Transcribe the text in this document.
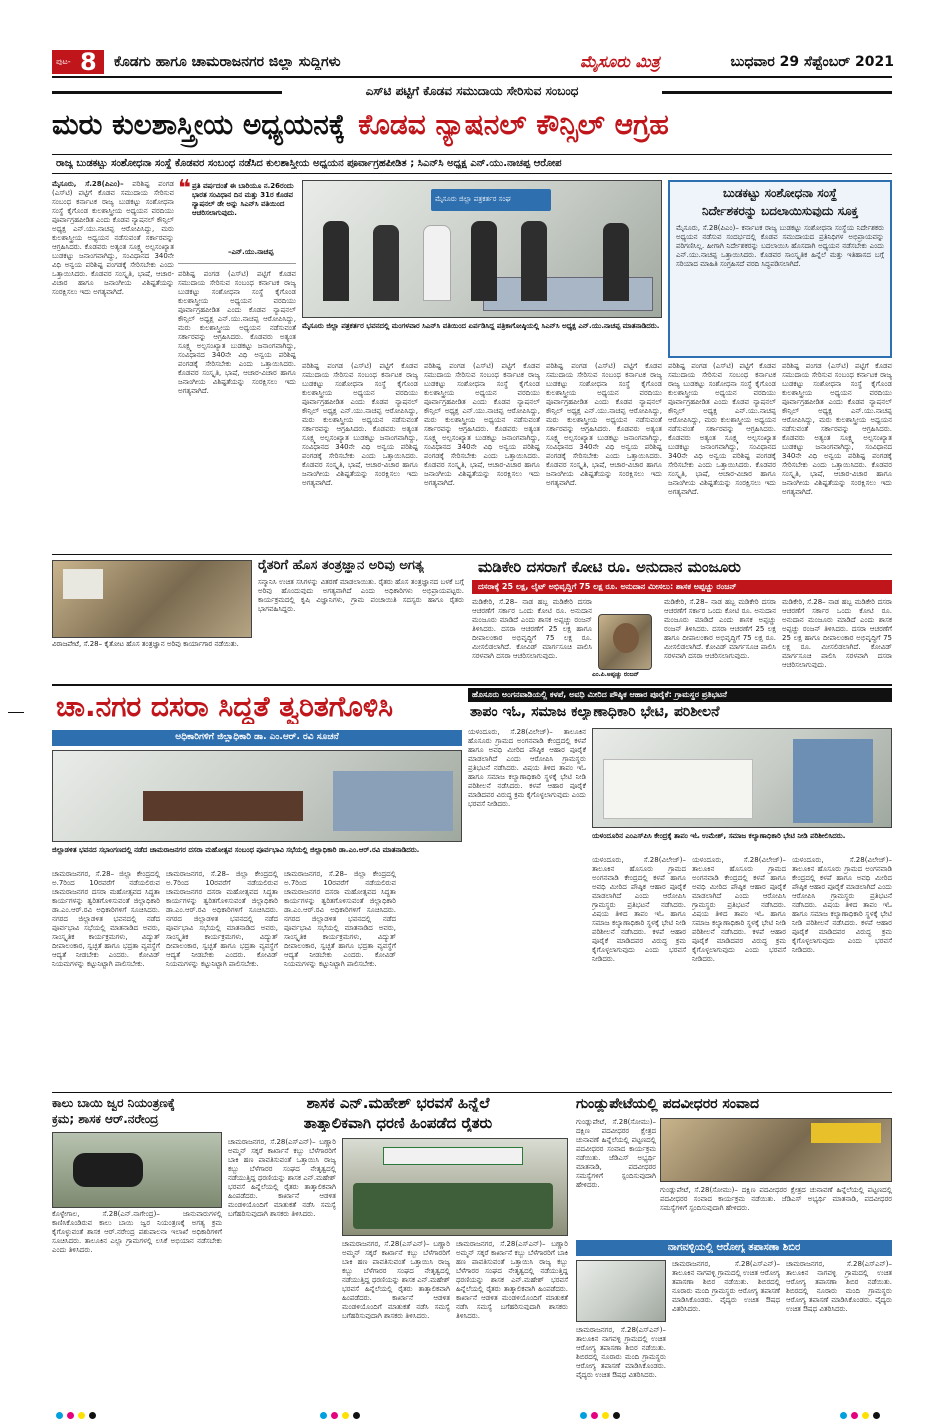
ಪುಟ- 8 ಕೊಡಗು ಹಾಗೂ ಚಾಮರಾಜನಗರ ಜಿಲ್ಲಾ ಸುದ್ದಿಗಳು	ಮೈಸೂರು ಮಿತ್ರ	ಬುಧವಾರ 29 ಸೆಪ್ಟೆಂಬರ್ 2021
ಎಸ್‌ಟಿ ಪಟ್ಟಿಗೆ ಕೊಡವ ಸಮುದಾಯ ಸೇರಿಸುವ ಸಂಬಂಧ
ಮರು ಕುಲಶಾಸ್ತ್ರೀಯ ಅಧ್ಯಯನಕ್ಕೆ ಕೊಡವ ನ್ಯಾಷನಲ್ ಕೌನ್ಸಿಲ್ ಆಗ್ರಹ
ರಾಜ್ಯ ಬುಡಕಟ್ಟು ಸಂಶೋಧನಾ ಸಂಸ್ಥೆ ಕೊಡವರ ಸಂಬಂಧ ನಡೆಸಿದ ಕುಲಶಾಸ್ತ್ರೀಯ ಅಧ್ಯಯನ ಪೂರ್ವಾಗ್ರಹಪೀಡಿತ ; ಸಿಎನ್‌ಸಿ ಅಧ್ಯಕ್ಷ ಎನ್.ಯು.ನಾಚಪ್ಪ ಆರೋಪ
ಮೈಸೂರು, ಸೆ.28(ಪಿಎಂ)– ಪರಿಶಿಷ್ಟ ಪಂಗಡ (ಎಸ್‌ಟಿ) ಪಟ್ಟಿಗೆ ಕೊಡವ ಸಮುದಾಯ ಸೇರಿಸುವ ಸಂಬಂಧ ಕರ್ನಾಟಕ ರಾಜ್ಯ ಬುಡಕಟ್ಟು ಸಂಶೋಧನಾ ಸಂಸ್ಥೆ ಕೈಗೊಂಡ ಕುಲಶಾಸ್ತ್ರೀಯ ಅಧ್ಯಯನ ವರದಿಯು ಪೂರ್ವಾಗ್ರಹಪೀಡಿತ ಎಂದು ಕೊಡವ ನ್ಯಾಷನಲ್ ಕೌನ್ಸಿಲ್ ಅಧ್ಯಕ್ಷ ಎನ್.ಯು.ನಾಚಪ್ಪ ಆರೋಪಿಸಿದ್ದು, ಮರು ಕುಲಶಾಸ್ತ್ರೀಯ ಅಧ್ಯಯನ ನಡೆಸುವಂತೆ ಸರ್ಕಾರವನ್ನು ಆಗ್ರಹಿಸಿದರು. ಕೊಡವರು ಅತ್ಯಂತ ಸೂಕ್ಷ್ಮ ಅಲ್ಪಸಂಖ್ಯಾತ ಬುಡಕಟ್ಟು ಜನಾಂಗವಾಗಿದ್ದು, ಸಂವಿಧಾನದ 340ನೇ ವಿಧಿ ಅನ್ವಯ ಪರಿಶಿಷ್ಟ ಪಂಗಡಕ್ಕೆ ಸೇರಿಸಬೇಕು ಎಂದು ಒತ್ತಾಯಿಸಿದರು. ಕೊಡವರ ಸಂಸ್ಕೃತಿ, ಭಾಷೆ, ಆಚಾರ-ವಿಚಾರ ಹಾಗೂ ಜನಾಂಗೀಯ ವಿಶಿಷ್ಟತೆಯನ್ನು ಸಂರಕ್ಷಿಸಲು ಇದು ಅಗತ್ಯವಾಗಿದೆ.
❝ ಪ್ರತಿ ವರ್ಷದಂತೆ ಈ ಬಾರಿಯೂ ನ.26ರಂದು ಭಾರತ ಸಂವಿಧಾನ ದಿನ ಮತ್ತು 31ರ ಕೊಡವ ನ್ಯಾಷನಲ್ ಡೇ ಅನ್ನು ಸಿಎನ್‌ಸಿ ವತಿಯಿಂದ ಆಚರಿಸಲಾಗುವುದು.
–ಎನ್.ಯು.ನಾಚಪ್ಪ
ಪರಿಶಿಷ್ಟ ಪಂಗಡ (ಎಸ್‌ಟಿ) ಪಟ್ಟಿಗೆ ಕೊಡವ ಸಮುದಾಯ ಸೇರಿಸುವ ಸಂಬಂಧ ಕರ್ನಾಟಕ ರಾಜ್ಯ ಬುಡಕಟ್ಟು ಸಂಶೋಧನಾ ಸಂಸ್ಥೆ ಕೈಗೊಂಡ ಕುಲಶಾಸ್ತ್ರೀಯ ಅಧ್ಯಯನ ವರದಿಯು ಪೂರ್ವಾಗ್ರಹಪೀಡಿತ ಎಂದು ಕೊಡವ ನ್ಯಾಷನಲ್ ಕೌನ್ಸಿಲ್ ಅಧ್ಯಕ್ಷ ಎನ್.ಯು.ನಾಚಪ್ಪ ಆರೋಪಿಸಿದ್ದು, ಮರು ಕುಲಶಾಸ್ತ್ರೀಯ ಅಧ್ಯಯನ ನಡೆಸುವಂತೆ ಸರ್ಕಾರವನ್ನು ಆಗ್ರಹಿಸಿದರು. ಕೊಡವರು ಅತ್ಯಂತ ಸೂಕ್ಷ್ಮ ಅಲ್ಪಸಂಖ್ಯಾತ ಬುಡಕಟ್ಟು ಜನಾಂಗವಾಗಿದ್ದು, ಸಂವಿಧಾನದ 340ನೇ ವಿಧಿ ಅನ್ವಯ ಪರಿಶಿಷ್ಟ ಪಂಗಡಕ್ಕೆ ಸೇರಿಸಬೇಕು ಎಂದು ಒತ್ತಾಯಿಸಿದರು. ಕೊಡವರ ಸಂಸ್ಕೃತಿ, ಭಾಷೆ, ಆಚಾರ-ವಿಚಾರ ಹಾಗೂ ಜನಾಂಗೀಯ ವಿಶಿಷ್ಟತೆಯನ್ನು ಸಂರಕ್ಷಿಸಲು ಇದು ಅಗತ್ಯವಾಗಿದೆ.
ಮೈಸೂರು ಜಿಲ್ಲಾ ಪತ್ರಕರ್ತರ ಸಂಘ
ಮೈಸೂರು ಜಿಲ್ಲಾ ಪತ್ರಕರ್ತರ ಭವನದಲ್ಲಿ ಮಂಗಳವಾರ ಸಿಎನ್‌ಸಿ ವತಿಯಿಂದ ಏರ್ಪಡಿಸಿದ್ದ ಪತ್ರಿಕಾಗೋಷ್ಠಿಯಲ್ಲಿ ಸಿಎನ್‌ಸಿ ಅಧ್ಯಕ್ಷ ಎನ್.ಯು.ನಾಚಪ್ಪ ಮಾತನಾಡಿದರು.
ಪರಿಶಿಷ್ಟ ಪಂಗಡ (ಎಸ್‌ಟಿ) ಪಟ್ಟಿಗೆ ಕೊಡವ ಸಮುದಾಯ ಸೇರಿಸುವ ಸಂಬಂಧ ಕರ್ನಾಟಕ ರಾಜ್ಯ ಬುಡಕಟ್ಟು ಸಂಶೋಧನಾ ಸಂಸ್ಥೆ ಕೈಗೊಂಡ ಕುಲಶಾಸ್ತ್ರೀಯ ಅಧ್ಯಯನ ವರದಿಯು ಪೂರ್ವಾಗ್ರಹಪೀಡಿತ ಎಂದು ಕೊಡವ ನ್ಯಾಷನಲ್ ಕೌನ್ಸಿಲ್ ಅಧ್ಯಕ್ಷ ಎನ್.ಯು.ನಾಚಪ್ಪ ಆರೋಪಿಸಿದ್ದು, ಮರು ಕುಲಶಾಸ್ತ್ರೀಯ ಅಧ್ಯಯನ ನಡೆಸುವಂತೆ ಸರ್ಕಾರವನ್ನು ಆಗ್ರಹಿಸಿದರು. ಕೊಡವರು ಅತ್ಯಂತ ಸೂಕ್ಷ್ಮ ಅಲ್ಪಸಂಖ್ಯಾತ ಬುಡಕಟ್ಟು ಜನಾಂಗವಾಗಿದ್ದು, ಸಂವಿಧಾನದ 340ನೇ ವಿಧಿ ಅನ್ವಯ ಪರಿಶಿಷ್ಟ ಪಂಗಡಕ್ಕೆ ಸೇರಿಸಬೇಕು ಎಂದು ಒತ್ತಾಯಿಸಿದರು. ಕೊಡವರ ಸಂಸ್ಕೃತಿ, ಭಾಷೆ, ಆಚಾರ-ವಿಚಾರ ಹಾಗೂ ಜನಾಂಗೀಯ ವಿಶಿಷ್ಟತೆಯನ್ನು ಸಂರಕ್ಷಿಸಲು ಇದು ಅಗತ್ಯವಾಗಿದೆ.
ಪರಿಶಿಷ್ಟ ಪಂಗಡ (ಎಸ್‌ಟಿ) ಪಟ್ಟಿಗೆ ಕೊಡವ ಸಮುದಾಯ ಸೇರಿಸುವ ಸಂಬಂಧ ಕರ್ನಾಟಕ ರಾಜ್ಯ ಬುಡಕಟ್ಟು ಸಂಶೋಧನಾ ಸಂಸ್ಥೆ ಕೈಗೊಂಡ ಕುಲಶಾಸ್ತ್ರೀಯ ಅಧ್ಯಯನ ವರದಿಯು ಪೂರ್ವಾಗ್ರಹಪೀಡಿತ ಎಂದು ಕೊಡವ ನ್ಯಾಷನಲ್ ಕೌನ್ಸಿಲ್ ಅಧ್ಯಕ್ಷ ಎನ್.ಯು.ನಾಚಪ್ಪ ಆರೋಪಿಸಿದ್ದು, ಮರು ಕುಲಶಾಸ್ತ್ರೀಯ ಅಧ್ಯಯನ ನಡೆಸುವಂತೆ ಸರ್ಕಾರವನ್ನು ಆಗ್ರಹಿಸಿದರು. ಕೊಡವರು ಅತ್ಯಂತ ಸೂಕ್ಷ್ಮ ಅಲ್ಪಸಂಖ್ಯಾತ ಬುಡಕಟ್ಟು ಜನಾಂಗವಾಗಿದ್ದು, ಸಂವಿಧಾನದ 340ನೇ ವಿಧಿ ಅನ್ವಯ ಪರಿಶಿಷ್ಟ ಪಂಗಡಕ್ಕೆ ಸೇರಿಸಬೇಕು ಎಂದು ಒತ್ತಾಯಿಸಿದರು. ಕೊಡವರ ಸಂಸ್ಕೃತಿ, ಭಾಷೆ, ಆಚಾರ-ವಿಚಾರ ಹಾಗೂ ಜನಾಂಗೀಯ ವಿಶಿಷ್ಟತೆಯನ್ನು ಸಂರಕ್ಷಿಸಲು ಇದು ಅಗತ್ಯವಾಗಿದೆ.
ಪರಿಶಿಷ್ಟ ಪಂಗಡ (ಎಸ್‌ಟಿ) ಪಟ್ಟಿಗೆ ಕೊಡವ ಸಮುದಾಯ ಸೇರಿಸುವ ಸಂಬಂಧ ಕರ್ನಾಟಕ ರಾಜ್ಯ ಬುಡಕಟ್ಟು ಸಂಶೋಧನಾ ಸಂಸ್ಥೆ ಕೈಗೊಂಡ ಕುಲಶಾಸ್ತ್ರೀಯ ಅಧ್ಯಯನ ವರದಿಯು ಪೂರ್ವಾಗ್ರಹಪೀಡಿತ ಎಂದು ಕೊಡವ ನ್ಯಾಷನಲ್ ಕೌನ್ಸಿಲ್ ಅಧ್ಯಕ್ಷ ಎನ್.ಯು.ನಾಚಪ್ಪ ಆರೋಪಿಸಿದ್ದು, ಮರು ಕುಲಶಾಸ್ತ್ರೀಯ ಅಧ್ಯಯನ ನಡೆಸುವಂತೆ ಸರ್ಕಾರವನ್ನು ಆಗ್ರಹಿಸಿದರು. ಕೊಡವರು ಅತ್ಯಂತ ಸೂಕ್ಷ್ಮ ಅಲ್ಪಸಂಖ್ಯಾತ ಬುಡಕಟ್ಟು ಜನಾಂಗವಾಗಿದ್ದು, ಸಂವಿಧಾನದ 340ನೇ ವಿಧಿ ಅನ್ವಯ ಪರಿಶಿಷ್ಟ ಪಂಗಡಕ್ಕೆ ಸೇರಿಸಬೇಕು ಎಂದು ಒತ್ತಾಯಿಸಿದರು. ಕೊಡವರ ಸಂಸ್ಕೃತಿ, ಭಾಷೆ, ಆಚಾರ-ವಿಚಾರ ಹಾಗೂ ಜನಾಂಗೀಯ ವಿಶಿಷ್ಟತೆಯನ್ನು ಸಂರಕ್ಷಿಸಲು ಇದು ಅಗತ್ಯವಾಗಿದೆ.
ಬುಡಕಟ್ಟು ಸಂಶೋಧನಾ ಸಂಸ್ಥೆ
ನಿರ್ದೇಶಕರನ್ನು ಬದಲಾಯಿಸುವುದು ಸೂಕ್ತ
ಮೈಸೂರು, ಸೆ.28(ಪಿಎಂ)– ಕರ್ನಾಟಕ ರಾಜ್ಯ ಬುಡಕಟ್ಟು ಸಂಶೋಧನಾ ಸಂಸ್ಥೆಯ ನಿರ್ದೇಶಕರು ಅಧ್ಯಯನ ನಡೆಸುವ ಸಂದರ್ಭದಲ್ಲಿ ಕೊಡವ ಸಮುದಾಯದ ಪ್ರತಿನಿಧಿಗಳ ಅಭಿಪ್ರಾಯವನ್ನು ಪರಿಗಣಿಸಿಲ್ಲ. ಹೀಗಾಗಿ ನಿರ್ದೇಶಕರನ್ನು ಬದಲಾಯಿಸಿ ಹೊಸದಾಗಿ ಅಧ್ಯಯನ ನಡೆಸಬೇಕು ಎಂದು ಎನ್.ಯು.ನಾಚಪ್ಪ ಒತ್ತಾಯಿಸಿದರು. ಕೊಡವರ ಸಾಂಸ್ಕೃತಿಕ ಹಿನ್ನೆಲೆ ಮತ್ತು ಇತಿಹಾಸದ ಬಗ್ಗೆ ಸರಿಯಾದ ಮಾಹಿತಿ ಸಂಗ್ರಹಿಸದೆ ವರದಿ ಸಿದ್ಧಪಡಿಸಲಾಗಿದೆ.
ಪರಿಶಿಷ್ಟ ಪಂಗಡ (ಎಸ್‌ಟಿ) ಪಟ್ಟಿಗೆ ಕೊಡವ ಸಮುದಾಯ ಸೇರಿಸುವ ಸಂಬಂಧ ಕರ್ನಾಟಕ ರಾಜ್ಯ ಬುಡಕಟ್ಟು ಸಂಶೋಧನಾ ಸಂಸ್ಥೆ ಕೈಗೊಂಡ ಕುಲಶಾಸ್ತ್ರೀಯ ಅಧ್ಯಯನ ವರದಿಯು ಪೂರ್ವಾಗ್ರಹಪೀಡಿತ ಎಂದು ಕೊಡವ ನ್ಯಾಷನಲ್ ಕೌನ್ಸಿಲ್ ಅಧ್ಯಕ್ಷ ಎನ್.ಯು.ನಾಚಪ್ಪ ಆರೋಪಿಸಿದ್ದು, ಮರು ಕುಲಶಾಸ್ತ್ರೀಯ ಅಧ್ಯಯನ ನಡೆಸುವಂತೆ ಸರ್ಕಾರವನ್ನು ಆಗ್ರಹಿಸಿದರು. ಕೊಡವರು ಅತ್ಯಂತ ಸೂಕ್ಷ್ಮ ಅಲ್ಪಸಂಖ್ಯಾತ ಬುಡಕಟ್ಟು ಜನಾಂಗವಾಗಿದ್ದು, ಸಂವಿಧಾನದ 340ನೇ ವಿಧಿ ಅನ್ವಯ ಪರಿಶಿಷ್ಟ ಪಂಗಡಕ್ಕೆ ಸೇರಿಸಬೇಕು ಎಂದು ಒತ್ತಾಯಿಸಿದರು. ಕೊಡವರ ಸಂಸ್ಕೃತಿ, ಭಾಷೆ, ಆಚಾರ-ವಿಚಾರ ಹಾಗೂ ಜನಾಂಗೀಯ ವಿಶಿಷ್ಟತೆಯನ್ನು ಸಂರಕ್ಷಿಸಲು ಇದು ಅಗತ್ಯವಾಗಿದೆ.
ಪರಿಶಿಷ್ಟ ಪಂಗಡ (ಎಸ್‌ಟಿ) ಪಟ್ಟಿಗೆ ಕೊಡವ ಸಮುದಾಯ ಸೇರಿಸುವ ಸಂಬಂಧ ಕರ್ನಾಟಕ ರಾಜ್ಯ ಬುಡಕಟ್ಟು ಸಂಶೋಧನಾ ಸಂಸ್ಥೆ ಕೈಗೊಂಡ ಕುಲಶಾಸ್ತ್ರೀಯ ಅಧ್ಯಯನ ವರದಿಯು ಪೂರ್ವಾಗ್ರಹಪೀಡಿತ ಎಂದು ಕೊಡವ ನ್ಯಾಷನಲ್ ಕೌನ್ಸಿಲ್ ಅಧ್ಯಕ್ಷ ಎನ್.ಯು.ನಾಚಪ್ಪ ಆರೋಪಿಸಿದ್ದು, ಮರು ಕುಲಶಾಸ್ತ್ರೀಯ ಅಧ್ಯಯನ ನಡೆಸುವಂತೆ ಸರ್ಕಾರವನ್ನು ಆಗ್ರಹಿಸಿದರು. ಕೊಡವರು ಅತ್ಯಂತ ಸೂಕ್ಷ್ಮ ಅಲ್ಪಸಂಖ್ಯಾತ ಬುಡಕಟ್ಟು ಜನಾಂಗವಾಗಿದ್ದು, ಸಂವಿಧಾನದ 340ನೇ ವಿಧಿ ಅನ್ವಯ ಪರಿಶಿಷ್ಟ ಪಂಗಡಕ್ಕೆ ಸೇರಿಸಬೇಕು ಎಂದು ಒತ್ತಾಯಿಸಿದರು. ಕೊಡವರ ಸಂಸ್ಕೃತಿ, ಭಾಷೆ, ಆಚಾರ-ವಿಚಾರ ಹಾಗೂ ಜನಾಂಗೀಯ ವಿಶಿಷ್ಟತೆಯನ್ನು ಸಂರಕ್ಷಿಸಲು ಇದು ಅಗತ್ಯವಾಗಿದೆ.
ವಿರಾಜಪೇಟೆ, ಸೆ.28– ಕೈತೋಟ ಹೊಸ ತಂತ್ರಜ್ಞಾನ ಅರಿವು ಕಾರ್ಯಾಗಾರ ನಡೆಯಿತು.
ರೈತರಿಗೆ ಹೊಸ ತಂತ್ರಜ್ಞಾನ ಅರಿವು ಅಗತ್ಯ
ಸನ್ಮಾನಿಸಿ ಉಚಿತ ಸಸಿಗಳನ್ನು ವಿತರಣೆ ಮಾಡಲಾಯಿತು. ರೈತರು ಹೊಸ ತಂತ್ರಜ್ಞಾನದ ಬಳಕೆ ಬಗ್ಗೆ ಅರಿವು ಹೊಂದುವುದು ಅಗತ್ಯವಾಗಿದೆ ಎಂದು ಅಧಿಕಾರಿಗಳು ಅಭಿಪ್ರಾಯಪಟ್ಟರು. ಕಾರ್ಯಕ್ರಮದಲ್ಲಿ ಕೃಷಿ ವಿಜ್ಞಾನಿಗಳು, ಗ್ರಾಮ ಪಂಚಾಯಿತಿ ಸದಸ್ಯರು ಹಾಗೂ ರೈತರು ಭಾಗವಹಿಸಿದ್ದರು.
ಮಡಿಕೇರಿ ದಸರಾಗೆ ಕೋಟಿ ರೂ. ಅನುದಾನ ಮಂಜೂರು
ದಸರಾಕ್ಕೆ 25 ಲಕ್ಷ, ಲೈಟ್ ಅಭಿವೃದ್ಧಿಗೆ 75 ಲಕ್ಷ ರೂ. ಅನುದಾನ ಮೀಸಲು: ಶಾಸಕ ಅಪ್ಪಚ್ಚು ರಂಜನ್
ಮಡಿಕೇರಿ, ಸೆ.28– ನಾಡ ಹಬ್ಬ ಮಡಿಕೇರಿ ದಸರಾ ಆಚರಣೆಗೆ ಸರ್ಕಾರ ಒಂದು ಕೋಟಿ ರೂ. ಅನುದಾನ ಮಂಜೂರು ಮಾಡಿದೆ ಎಂದು ಶಾಸಕ ಅಪ್ಪಚ್ಚು ರಂಜನ್ ತಿಳಿಸಿದರು. ದಸರಾ ಆಚರಣೆಗೆ 25 ಲಕ್ಷ ಹಾಗೂ ದೀಪಾಲಂಕಾರ ಅಭಿವೃದ್ಧಿಗೆ 75 ಲಕ್ಷ ರೂ. ಮೀಸಲಿಡಲಾಗಿದೆ. ಕೋವಿಡ್ ಮಾರ್ಗಸೂಚಿ ಪಾಲಿಸಿ ಸರಳವಾಗಿ ದಸರಾ ಆಚರಿಸಲಾಗುವುದು.
ಎಂ.ಪಿ.ಅಪ್ಪಚ್ಚು ರಂಜನ್
ಮಡಿಕೇರಿ, ಸೆ.28– ನಾಡ ಹಬ್ಬ ಮಡಿಕೇರಿ ದಸರಾ ಆಚರಣೆಗೆ ಸರ್ಕಾರ ಒಂದು ಕೋಟಿ ರೂ. ಅನುದಾನ ಮಂಜೂರು ಮಾಡಿದೆ ಎಂದು ಶಾಸಕ ಅಪ್ಪಚ್ಚು ರಂಜನ್ ತಿಳಿಸಿದರು. ದಸರಾ ಆಚರಣೆಗೆ 25 ಲಕ್ಷ ಹಾಗೂ ದೀಪಾಲಂಕಾರ ಅಭಿವೃದ್ಧಿಗೆ 75 ಲಕ್ಷ ರೂ. ಮೀಸಲಿಡಲಾಗಿದೆ. ಕೋವಿಡ್ ಮಾರ್ಗಸೂಚಿ ಪಾಲಿಸಿ ಸರಳವಾಗಿ ದಸರಾ ಆಚರಿಸಲಾಗುವುದು.
ಮಡಿಕೇರಿ, ಸೆ.28– ನಾಡ ಹಬ್ಬ ಮಡಿಕೇರಿ ದಸರಾ ಆಚರಣೆಗೆ ಸರ್ಕಾರ ಒಂದು ಕೋಟಿ ರೂ. ಅನುದಾನ ಮಂಜೂರು ಮಾಡಿದೆ ಎಂದು ಶಾಸಕ ಅಪ್ಪಚ್ಚು ರಂಜನ್ ತಿಳಿಸಿದರು. ದಸರಾ ಆಚರಣೆಗೆ 25 ಲಕ್ಷ ಹಾಗೂ ದೀಪಾಲಂಕಾರ ಅಭಿವೃದ್ಧಿಗೆ 75 ಲಕ್ಷ ರೂ. ಮೀಸಲಿಡಲಾಗಿದೆ. ಕೋವಿಡ್ ಮಾರ್ಗಸೂಚಿ ಪಾಲಿಸಿ ಸರಳವಾಗಿ ದಸರಾ ಆಚರಿಸಲಾಗುವುದು.
ಚಾ.ನಗರ ದಸರಾ ಸಿದ್ಧತೆ ತ್ವರಿತಗೊಳಿಸಿ
ಅಧಿಕಾರಿಗಳಿಗೆ ಜಿಲ್ಲಾಧಿಕಾರಿ ಡಾ. ಎಂ.ಆರ್. ರವಿ ಸೂಚನೆ
ಜಿಲ್ಲಾಡಳಿತ ಭವನದ ಸಭಾಂಗಣದಲ್ಲಿ ನಡೆದ ಚಾಮರಾಜನಗರ ದಸರಾ ಮಹೋತ್ಸವ ಸಂಬಂಧ ಪೂರ್ವಭಾವಿ ಸಭೆಯಲ್ಲಿ ಜಿಲ್ಲಾಧಿಕಾರಿ ಡಾ.ಎಂ.ಆರ್.ರವಿ ಮಾತನಾಡಿದರು.
ಚಾಮರಾಜನಗರ, ಸೆ.28– ಜಿಲ್ಲಾ ಕೇಂದ್ರದಲ್ಲಿ ಅ.7ರಿಂದ 10ರವರೆಗೆ ನಡೆಯಲಿರುವ ಚಾಮರಾಜನಗರ ದಸರಾ ಮಹೋತ್ಸವದ ಸಿದ್ಧತಾ ಕಾರ್ಯಗಳನ್ನು ತ್ವರಿತಗೊಳಿಸುವಂತೆ ಜಿಲ್ಲಾಧಿಕಾರಿ ಡಾ.ಎಂ.ಆರ್.ರವಿ ಅಧಿಕಾರಿಗಳಿಗೆ ಸೂಚಿಸಿದರು. ನಗರದ ಜಿಲ್ಲಾಡಳಿತ ಭವನದಲ್ಲಿ ನಡೆದ ಪೂರ್ವಭಾವಿ ಸಭೆಯಲ್ಲಿ ಮಾತನಾಡಿದ ಅವರು, ಸಾಂಸ್ಕೃತಿಕ ಕಾರ್ಯಕ್ರಮಗಳು, ವಿದ್ಯುತ್ ದೀಪಾಲಂಕಾರ, ಸ್ವಚ್ಛತೆ ಹಾಗೂ ಭದ್ರತಾ ವ್ಯವಸ್ಥೆಗೆ ಆದ್ಯತೆ ನೀಡಬೇಕು ಎಂದರು. ಕೋವಿಡ್ ನಿಯಮಗಳನ್ನು ಕಟ್ಟುನಿಟ್ಟಾಗಿ ಪಾಲಿಸಬೇಕು.
ಚಾಮರಾಜನಗರ, ಸೆ.28– ಜಿಲ್ಲಾ ಕೇಂದ್ರದಲ್ಲಿ ಅ.7ರಿಂದ 10ರವರೆಗೆ ನಡೆಯಲಿರುವ ಚಾಮರಾಜನಗರ ದಸರಾ ಮಹೋತ್ಸವದ ಸಿದ್ಧತಾ ಕಾರ್ಯಗಳನ್ನು ತ್ವರಿತಗೊಳಿಸುವಂತೆ ಜಿಲ್ಲಾಧಿಕಾರಿ ಡಾ.ಎಂ.ಆರ್.ರವಿ ಅಧಿಕಾರಿಗಳಿಗೆ ಸೂಚಿಸಿದರು. ನಗರದ ಜಿಲ್ಲಾಡಳಿತ ಭವನದಲ್ಲಿ ನಡೆದ ಪೂರ್ವಭಾವಿ ಸಭೆಯಲ್ಲಿ ಮಾತನಾಡಿದ ಅವರು, ಸಾಂಸ್ಕೃತಿಕ ಕಾರ್ಯಕ್ರಮಗಳು, ವಿದ್ಯುತ್ ದೀಪಾಲಂಕಾರ, ಸ್ವಚ್ಛತೆ ಹಾಗೂ ಭದ್ರತಾ ವ್ಯವಸ್ಥೆಗೆ ಆದ್ಯತೆ ನೀಡಬೇಕು ಎಂದರು. ಕೋವಿಡ್ ನಿಯಮಗಳನ್ನು ಕಟ್ಟುನಿಟ್ಟಾಗಿ ಪಾಲಿಸಬೇಕು.
ಚಾಮರಾಜನಗರ, ಸೆ.28– ಜಿಲ್ಲಾ ಕೇಂದ್ರದಲ್ಲಿ ಅ.7ರಿಂದ 10ರವರೆಗೆ ನಡೆಯಲಿರುವ ಚಾಮರಾಜನಗರ ದಸರಾ ಮಹೋತ್ಸವದ ಸಿದ್ಧತಾ ಕಾರ್ಯಗಳನ್ನು ತ್ವರಿತಗೊಳಿಸುವಂತೆ ಜಿಲ್ಲಾಧಿಕಾರಿ ಡಾ.ಎಂ.ಆರ್.ರವಿ ಅಧಿಕಾರಿಗಳಿಗೆ ಸೂಚಿಸಿದರು. ನಗರದ ಜಿಲ್ಲಾಡಳಿತ ಭವನದಲ್ಲಿ ನಡೆದ ಪೂರ್ವಭಾವಿ ಸಭೆಯಲ್ಲಿ ಮಾತನಾಡಿದ ಅವರು, ಸಾಂಸ್ಕೃತಿಕ ಕಾರ್ಯಕ್ರಮಗಳು, ವಿದ್ಯುತ್ ದೀಪಾಲಂಕಾರ, ಸ್ವಚ್ಛತೆ ಹಾಗೂ ಭದ್ರತಾ ವ್ಯವಸ್ಥೆಗೆ ಆದ್ಯತೆ ನೀಡಬೇಕು ಎಂದರು. ಕೋವಿಡ್ ನಿಯಮಗಳನ್ನು ಕಟ್ಟುನಿಟ್ಟಾಗಿ ಪಾಲಿಸಬೇಕು.
ಹೊಸೂರು ಅಂಗನವಾಡಿಯಲ್ಲಿ ಕಳಪೆ, ಅವಧಿ ಮೀರಿದ ಪೌಷ್ಠಿಕ ಆಹಾರ ಪೂರೈಕೆ: ಗ್ರಾಮಸ್ಥರ ಪ್ರತಿಭಟನೆ
ತಾಪಂ ಇಓ, ಸಮಾಜ ಕಲ್ಯಾಣಾಧಿಕಾರಿ ಭೇಟಿ, ಪರಿಶೀಲನೆ
ಯಳಂದೂರು, ಸೆ.28(ವಿಲೇಜ್)– ತಾಲೂಕಿನ ಹೊಸೂರು ಗ್ರಾಮದ ಅಂಗನವಾಡಿ ಕೇಂದ್ರದಲ್ಲಿ ಕಳಪೆ ಹಾಗೂ ಅವಧಿ ಮೀರಿದ ಪೌಷ್ಠಿಕ ಆಹಾರ ಪೂರೈಕೆ ಮಾಡಲಾಗಿದೆ ಎಂದು ಆರೋಪಿಸಿ ಗ್ರಾಮಸ್ಥರು ಪ್ರತಿಭಟನೆ ನಡೆಸಿದರು. ವಿಷಯ ತಿಳಿದ ತಾಪಂ ಇಓ ಹಾಗೂ ಸಮಾಜ ಕಲ್ಯಾಣಾಧಿಕಾರಿ ಸ್ಥಳಕ್ಕೆ ಭೇಟಿ ನೀಡಿ ಪರಿಶೀಲನೆ ನಡೆಸಿದರು. ಕಳಪೆ ಆಹಾರ ಪೂರೈಕೆ ಮಾಡಿದವರ ವಿರುದ್ಧ ಕ್ರಮ ಕೈಗೊಳ್ಳಲಾಗುವುದು ಎಂದು ಭರವಸೆ ನೀಡಿದರು.
ಯಳಂದೂರಿನ ಎಂಎಸ್‌ಪಿಸಿ ಕೇಂದ್ರಕ್ಕೆ ತಾಪಂ ಇಓ ಉಮೇಶ್, ಸಮಾಜ ಕಲ್ಯಾಣಾಧಿಕಾರಿ ಭೇಟಿ ನೀಡಿ ಪರಿಶೀಲಿಸಿದರು.
ಯಳಂದೂರು, ಸೆ.28(ವಿಲೇಜ್)– ತಾಲೂಕಿನ ಹೊಸೂರು ಗ್ರಾಮದ ಅಂಗನವಾಡಿ ಕೇಂದ್ರದಲ್ಲಿ ಕಳಪೆ ಹಾಗೂ ಅವಧಿ ಮೀರಿದ ಪೌಷ್ಠಿಕ ಆಹಾರ ಪೂರೈಕೆ ಮಾಡಲಾಗಿದೆ ಎಂದು ಆರೋಪಿಸಿ ಗ್ರಾಮಸ್ಥರು ಪ್ರತಿಭಟನೆ ನಡೆಸಿದರು. ವಿಷಯ ತಿಳಿದ ತಾಪಂ ಇಓ ಹಾಗೂ ಸಮಾಜ ಕಲ್ಯಾಣಾಧಿಕಾರಿ ಸ್ಥಳಕ್ಕೆ ಭೇಟಿ ನೀಡಿ ಪರಿಶೀಲನೆ ನಡೆಸಿದರು. ಕಳಪೆ ಆಹಾರ ಪೂರೈಕೆ ಮಾಡಿದವರ ವಿರುದ್ಧ ಕ್ರಮ ಕೈಗೊಳ್ಳಲಾಗುವುದು ಎಂದು ಭರವಸೆ ನೀಡಿದರು.
ಯಳಂದೂರು, ಸೆ.28(ವಿಲೇಜ್)– ತಾಲೂಕಿನ ಹೊಸೂರು ಗ್ರಾಮದ ಅಂಗನವಾಡಿ ಕೇಂದ್ರದಲ್ಲಿ ಕಳಪೆ ಹಾಗೂ ಅವಧಿ ಮೀರಿದ ಪೌಷ್ಠಿಕ ಆಹಾರ ಪೂರೈಕೆ ಮಾಡಲಾಗಿದೆ ಎಂದು ಆರೋಪಿಸಿ ಗ್ರಾಮಸ್ಥರು ಪ್ರತಿಭಟನೆ ನಡೆಸಿದರು. ವಿಷಯ ತಿಳಿದ ತಾಪಂ ಇಓ ಹಾಗೂ ಸಮಾಜ ಕಲ್ಯಾಣಾಧಿಕಾರಿ ಸ್ಥಳಕ್ಕೆ ಭೇಟಿ ನೀಡಿ ಪರಿಶೀಲನೆ ನಡೆಸಿದರು. ಕಳಪೆ ಆಹಾರ ಪೂರೈಕೆ ಮಾಡಿದವರ ವಿರುದ್ಧ ಕ್ರಮ ಕೈಗೊಳ್ಳಲಾಗುವುದು ಎಂದು ಭರವಸೆ ನೀಡಿದರು.
ಯಳಂದೂರು, ಸೆ.28(ವಿಲೇಜ್)– ತಾಲೂಕಿನ ಹೊಸೂರು ಗ್ರಾಮದ ಅಂಗನವಾಡಿ ಕೇಂದ್ರದಲ್ಲಿ ಕಳಪೆ ಹಾಗೂ ಅವಧಿ ಮೀರಿದ ಪೌಷ್ಠಿಕ ಆಹಾರ ಪೂರೈಕೆ ಮಾಡಲಾಗಿದೆ ಎಂದು ಆರೋಪಿಸಿ ಗ್ರಾಮಸ್ಥರು ಪ್ರತಿಭಟನೆ ನಡೆಸಿದರು. ವಿಷಯ ತಿಳಿದ ತಾಪಂ ಇಓ ಹಾಗೂ ಸಮಾಜ ಕಲ್ಯಾಣಾಧಿಕಾರಿ ಸ್ಥಳಕ್ಕೆ ಭೇಟಿ ನೀಡಿ ಪರಿಶೀಲನೆ ನಡೆಸಿದರು. ಕಳಪೆ ಆಹಾರ ಪೂರೈಕೆ ಮಾಡಿದವರ ವಿರುದ್ಧ ಕ್ರಮ ಕೈಗೊಳ್ಳಲಾಗುವುದು ಎಂದು ಭರವಸೆ ನೀಡಿದರು.
ಕಾಲು ಬಾಯಿ ಜ್ವರ ನಿಯಂತ್ರಣಕ್ಕೆ
ಕ್ರಮ; ಶಾಸಕ ಆರ್.ನರೇಂದ್ರ
ಕೊಳ್ಳೇಗಾಲ, ಸೆ.28(ಎನ್.ನಾಗೇಂದ್ರ)– ಜಾನುವಾರುಗಳಲ್ಲಿ ಕಾಣಿಸಿಕೊಂಡಿರುವ ಕಾಲು ಬಾಯಿ ಜ್ವರ ನಿಯಂತ್ರಣಕ್ಕೆ ಅಗತ್ಯ ಕ್ರಮ ಕೈಗೊಳ್ಳುವಂತೆ ಶಾಸಕ ಆರ್.ನರೇಂದ್ರ ಪಶುಪಾಲನಾ ಇಲಾಖೆ ಅಧಿಕಾರಿಗಳಿಗೆ ಸೂಚಿಸಿದರು. ತಾಲೂಕಿನ ಎಲ್ಲಾ ಗ್ರಾಮಗಳಲ್ಲಿ ಲಸಿಕೆ ಅಭಿಯಾನ ನಡೆಸಬೇಕು ಎಂದು ತಿಳಿಸಿದರು.
ಶಾಸಕ ಎನ್.ಮಹೇಶ್ ಭರವಸೆ ಹಿನ್ನೆಲೆ
ತಾತ್ಕಾಲಿಕವಾಗಿ ಧರಣಿ ಹಿಂಪಡೆದ ರೈತರು
ಚಾಮರಾಜನಗರ, ಸೆ.28(ಎಸ್‌ಎನ್)– ಬಣ್ಣಾರಿ ಅಮ್ಮನ್ ಸಕ್ಕರೆ ಕಾರ್ಖಾನೆ ಕಬ್ಬು ಬೆಳೆಗಾರರಿಗೆ ಬಾಕಿ ಹಣ ಪಾವತಿಸುವಂತೆ ಒತ್ತಾಯಿಸಿ ರಾಜ್ಯ ಕಬ್ಬು ಬೆಳೆಗಾರರ ಸಂಘದ ನೇತೃತ್ವದಲ್ಲಿ ನಡೆಯುತ್ತಿದ್ದ ಧರಣಿಯನ್ನು ಶಾಸಕ ಎನ್.ಮಹೇಶ್ ಭರವಸೆ ಹಿನ್ನೆಲೆಯಲ್ಲಿ ರೈತರು ತಾತ್ಕಾಲಿಕವಾಗಿ ಹಿಂಪಡೆದರು. ಕಾರ್ಖಾನೆ ಆಡಳಿತ ಮಂಡಳಿಯೊಂದಿಗೆ ಮಾತುಕತೆ ನಡೆಸಿ ಸಮಸ್ಯೆ ಬಗೆಹರಿಸುವುದಾಗಿ ಶಾಸಕರು ತಿಳಿಸಿದರು.
ಚಾಮರಾಜನಗರ, ಸೆ.28(ಎಸ್‌ಎನ್)– ಬಣ್ಣಾರಿ ಅಮ್ಮನ್ ಸಕ್ಕರೆ ಕಾರ್ಖಾನೆ ಕಬ್ಬು ಬೆಳೆಗಾರರಿಗೆ ಬಾಕಿ ಹಣ ಪಾವತಿಸುವಂತೆ ಒತ್ತಾಯಿಸಿ ರಾಜ್ಯ ಕಬ್ಬು ಬೆಳೆಗಾರರ ಸಂಘದ ನೇತೃತ್ವದಲ್ಲಿ ನಡೆಯುತ್ತಿದ್ದ ಧರಣಿಯನ್ನು ಶಾಸಕ ಎನ್.ಮಹೇಶ್ ಭರವಸೆ ಹಿನ್ನೆಲೆಯಲ್ಲಿ ರೈತರು ತಾತ್ಕಾಲಿಕವಾಗಿ ಹಿಂಪಡೆದರು. ಕಾರ್ಖಾನೆ ಆಡಳಿತ ಮಂಡಳಿಯೊಂದಿಗೆ ಮಾತುಕತೆ ನಡೆಸಿ ಸಮಸ್ಯೆ ಬಗೆಹರಿಸುವುದಾಗಿ ಶಾಸಕರು ತಿಳಿಸಿದರು.
ಚಾಮರಾಜನಗರ, ಸೆ.28(ಎಸ್‌ಎನ್)– ಬಣ್ಣಾರಿ ಅಮ್ಮನ್ ಸಕ್ಕರೆ ಕಾರ್ಖಾನೆ ಕಬ್ಬು ಬೆಳೆಗಾರರಿಗೆ ಬಾಕಿ ಹಣ ಪಾವತಿಸುವಂತೆ ಒತ್ತಾಯಿಸಿ ರಾಜ್ಯ ಕಬ್ಬು ಬೆಳೆಗಾರರ ಸಂಘದ ನೇತೃತ್ವದಲ್ಲಿ ನಡೆಯುತ್ತಿದ್ದ ಧರಣಿಯನ್ನು ಶಾಸಕ ಎನ್.ಮಹೇಶ್ ಭರವಸೆ ಹಿನ್ನೆಲೆಯಲ್ಲಿ ರೈತರು ತಾತ್ಕಾಲಿಕವಾಗಿ ಹಿಂಪಡೆದರು. ಕಾರ್ಖಾನೆ ಆಡಳಿತ ಮಂಡಳಿಯೊಂದಿಗೆ ಮಾತುಕತೆ ನಡೆಸಿ ಸಮಸ್ಯೆ ಬಗೆಹರಿಸುವುದಾಗಿ ಶಾಸಕರು ತಿಳಿಸಿದರು.
ಗುಂಡ್ಲುಪೇಟೆಯಲ್ಲಿ ಪದವೀಧರರ ಸಂವಾದ
ಗುಂಡ್ಲುಪೇಟೆ, ಸೆ.28(ಸೋಮು)– ದಕ್ಷಿಣ ಪದವೀಧರರ ಕ್ಷೇತ್ರದ ಚುನಾವಣೆ ಹಿನ್ನೆಲೆಯಲ್ಲಿ ಪಟ್ಟಣದಲ್ಲಿ ಪದವೀಧರರ ಸಂವಾದ ಕಾರ್ಯಕ್ರಮ ನಡೆಯಿತು. ಜೆಡಿಎಸ್ ಅಭ್ಯರ್ಥಿ ಮಾತನಾಡಿ, ಪದವೀಧರರ ಸಮಸ್ಯೆಗಳಿಗೆ ಸ್ಪಂದಿಸುವುದಾಗಿ ಹೇಳಿದರು.
ಗುಂಡ್ಲುಪೇಟೆ, ಸೆ.28(ಸೋಮು)– ದಕ್ಷಿಣ ಪದವೀಧರರ ಕ್ಷೇತ್ರದ ಚುನಾವಣೆ ಹಿನ್ನೆಲೆಯಲ್ಲಿ ಪಟ್ಟಣದಲ್ಲಿ ಪದವೀಧರರ ಸಂವಾದ ಕಾರ್ಯಕ್ರಮ ನಡೆಯಿತು. ಜೆಡಿಎಸ್ ಅಭ್ಯರ್ಥಿ ಮಾತನಾಡಿ, ಪದವೀಧರರ ಸಮಸ್ಯೆಗಳಿಗೆ ಸ್ಪಂದಿಸುವುದಾಗಿ ಹೇಳಿದರು.
ನಾಗವಳ್ಳಿಯಲ್ಲಿ ಆರೋಗ್ಯ ತಪಾಸಣಾ ಶಿಬಿರ
ಚಾಮರಾಜನಗರ, ಸೆ.28(ಎಸ್‌ಎನ್)– ತಾಲೂಕಿನ ನಾಗವಳ್ಳಿ ಗ್ರಾಮದಲ್ಲಿ ಉಚಿತ ಆರೋಗ್ಯ ತಪಾಸಣಾ ಶಿಬಿರ ನಡೆಯಿತು. ಶಿಬಿರದಲ್ಲಿ ನೂರಾರು ಮಂದಿ ಗ್ರಾಮಸ್ಥರು ಆರೋಗ್ಯ ತಪಾಸಣೆ ಮಾಡಿಸಿಕೊಂಡರು. ವೈದ್ಯರು ಉಚಿತ ಔಷಧ ವಿತರಿಸಿದರು.
ಚಾಮರಾಜನಗರ, ಸೆ.28(ಎಸ್‌ಎನ್)– ತಾಲೂಕಿನ ನಾಗವಳ್ಳಿ ಗ್ರಾಮದಲ್ಲಿ ಉಚಿತ ಆರೋಗ್ಯ ತಪಾಸಣಾ ಶಿಬಿರ ನಡೆಯಿತು. ಶಿಬಿರದಲ್ಲಿ ನೂರಾರು ಮಂದಿ ಗ್ರಾಮಸ್ಥರು ಆರೋಗ್ಯ ತಪಾಸಣೆ ಮಾಡಿಸಿಕೊಂಡರು. ವೈದ್ಯರು ಉಚಿತ ಔಷಧ ವಿತರಿಸಿದರು.
ಚಾಮರಾಜನಗರ, ಸೆ.28(ಎಸ್‌ಎನ್)– ತಾಲೂಕಿನ ನಾಗವಳ್ಳಿ ಗ್ರಾಮದಲ್ಲಿ ಉಚಿತ ಆರೋಗ್ಯ ತಪಾಸಣಾ ಶಿಬಿರ ನಡೆಯಿತು. ಶಿಬಿರದಲ್ಲಿ ನೂರಾರು ಮಂದಿ ಗ್ರಾಮಸ್ಥರು ಆರೋಗ್ಯ ತಪಾಸಣೆ ಮಾಡಿಸಿಕೊಂಡರು. ವೈದ್ಯರು ಉಚಿತ ಔಷಧ ವಿತರಿಸಿದರು.
